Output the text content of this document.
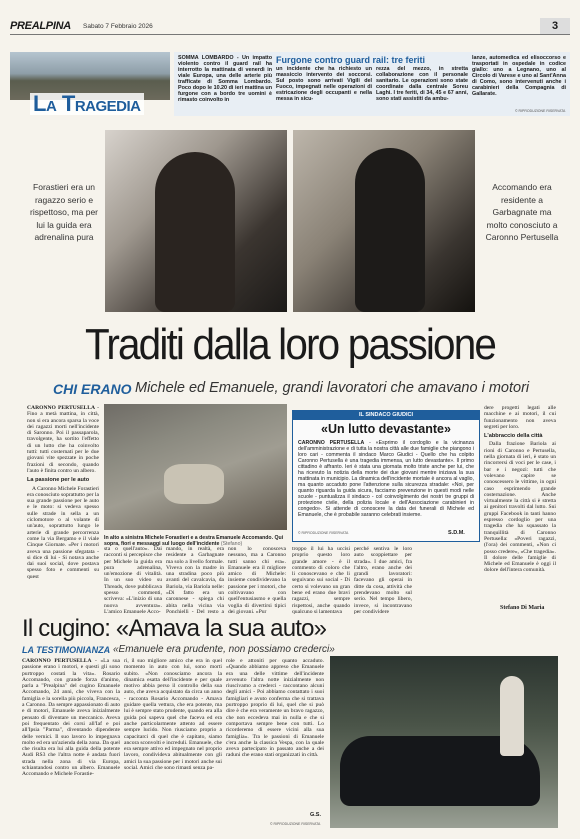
PREALPINA Sabato 7 Febbraio 2026	3
La Tragedia
Furgone contro guard rail: tre feriti
SOMMA LOMBARDO - Un impatto violento contro il guard rail ha interrotto la mattinata di venerdì in viale Europa, una delle arterie più trafficate di Somma Lombardo. Poco dopo le 10.20 di ieri mattina un furgone con a bordo tre uomini è rimasto coinvolto in
un incidente che ha richiesto un massiccio intervento dei soccorsi. Sul posto sono arrivati Vigili del Fuoco, impegnati nelle operazioni di estricazione degli occupanti e nella messa in sicu-
rezza del mezzo, in stretta collaborazione con il personale sanitario. Le operazioni sono state coordinate dalla centrale Soreu Laghi. I tre feriti, di 34, 45 e 67 anni, sono stati assistiti da ambu-
lanze, automedica ed elisoccorso e trasportati in ospedale in codice giallo: uno a Legnano, uno al Circolo di Varese e uno al Sant'Anna di Como, sono intervenuti anche i carabinieri della Compagnia di Gallarate.
© RIPRODUZIONE RISERVATA
Forastieri era un ragazzo serio e rispettoso, ma per lui la guida era adrenalina pura
Accomando era residente a Garbagnate ma molto conosciuto a Caronno Pertusella
Traditi dalla loro passione
CHI ERANO Michele ed Emanuele, grandi lavoratori che amavano i motori

CARONNO PERTUSELLA - Fino a metà mattina, in città, non si era ancora sparsa la voce dei ragazzi morti nell'incidente di Saronno. Poi il passaparola, travolgente, ha sortito l'effetto di un lutto che ha coinvolto tutti: tutti costernati per le due giovani vite spezzate in poche frazioni di secondo, quando l'auto è finita contro un albero.

La passione per le auto

A Caronno Michele Forastieri era conosciuto soprattutto per la sua grande passione per le auto e le moto: si vedeva spesso sulle strade in sella a un ciclomotore o al volante di un'auto, soprattutto lungo le arterie di grande percorrenza come la via Bergamo e il viale Cinque Giornate. «Per i motori aveva una passione sfegatata - si dice di lui - Si notava anche dai suoi social, dove postava spesso foto e commenti su quest

In alto a sinistra Michele Forastieri e a destra Emanuele Accomando. Qui sopra, fiori e messaggi sul luogo dell'incidente (Stefano)
IL SINDACO GIUDICI
«Un lutto devastante»
CARONNO PERTUSELLA - «Esprimo il cordoglio e la vicinanza dell'amministrazione e di tutta la nostra città alle due famiglie che piangono i loro cari - commenta il sindaco Marco Giudici - Quello che ha colpito Caronno Pertusella è una tragedia immensa, un lutto devastante». Il primo cittadino è affranto. Ieri è stata una giornata molto triste anche per lui, che ha ricevuto la notizia della morte dei due giovani mentre iniziava la sua mattinata in municipio. La dinamica dell'incidente mortale è ancora al vaglio, ma quanto accaduto pone l'attenzione sulla sicurezza stradale: «Noi, per quanto riguarda la guida sicura, facciamo prevenzione in questi modi nelle scuole - puntualizza il sindaco - col coinvolgimento dei nostri tre gruppi di protezione civile, della polizia locale e dell'Associazione carabinieri in congedo». Si attende di conoscere la data dei funerali di Michele ed Emanuele, che è probabile saranno celebrati insieme.
S.D.M.
© RIPRODUZIONE RISERVATA
sta o quell'auto». Dai racconti si percepisce che per Michele la guida era pura adrenalina, un'emozione di vitalità. In un suo video su Threads, dove pubblicava spesso commenti, scriveva: «L'inizio di una nuova avventura». L'amico Emanuele Acco-
mando, in realtà, era residente a Garbagnate ma solo a livello formale. Viveva con la madre in una stradina poco più avanti del cavalcavia, da Bariola, via Bariola nelle: «Di fatto era un caronnese - spiega chi abita nella vicina via Ponchielli - Del resto a
non lo conosceva nessuno, ma a Caronno tutti sanno chi era». Emanuele era il migliore amico di Michele: insieme condividevano la passione per i motori, che coltivavano con quell'entusiasmo e quella voglia di divertirsi tipici dei giovani. «Pur
troppo il lui ha uccisi proprio questo loro grande amore - è il commento di coloro che li conoscevano e che li seguivano sui social - Di certo si volevano un gran bene ed erano due bravi ragazzi, sempre rispettosi, anche quando qualcuno si lamentava
perché sentiva le loro auto scoppiettare per strada». I due amici, fra l'altro, erano anche dei grandi lavoratori: facevano gli operai in ditte da cosa, attività che prendevano molto sul serio. Nel tempo libero, invece, si incontravano per condividere

dere progetti legati alle macchine e ai motori, il cui funzionamento non aveva segreti per loro.

L'abbraccio della città

Dalla frazione Bariola ai rioni di Caronno e Pertusella, nella giornata di ieri, è stato un rincorrersi di voci per le case, i bar e i negozi: tutti che volevano capire se conoscessero le vittime, in ogni caso esprimendo grande costernazione. Anche virtualmente la città si è stretta ai genitori travolti dal lutto. Sui gruppi Facebook in tanti hanno espresso cordoglio per una tragedia che ha squassato la tranquillità di Caronno Pertusella: «Poveri ragazzi, (l'ora) dei commenti, «Non ci posso credere», «Che tragedia». Il dolore delle famiglie di Michele ed Emanuele è oggi il dolore dell'intera comunità.

Stefano Di Maria
Il cugino: «Amava la sua auto»
LA TESTIMONIANZA «Emanuele era prudente, non possiamo crederci»
CARONNO PERTUSELLA - «La sua passione erano i motori, e questi gli sono purtroppo costati la vita». Rosario Accomando, con grande forza d'animo, parla a "Prealpina" del cugino Emanuele Accomando, 24 anni, che viveva con la famiglia e la sorella più piccola, Francesca, a Caronno. Da sempre appassionato di auto e di motori, Emanuele aveva inizialmente pensato di diventare un meccanico. Aveva poi frequentato dei corsi all'Iaf e poi all'Ipsia "Parma", diventando dipendente delle vernici. Il suo lavoro lo impegnava molto ed era un'azienda della zona. Da quel che risulta era lui alla guida della potente Audi RS3 che l'altra notte è andata fuori strada nella zona di via Europa, schiantandosi contro un albero. Emanuele Accomando e Michele Forastie-
ri, il suo migliore amico che era in quel momento in auto con lui, sono morti subito. «Non conosciamo ancora la dinamica esatta dell'incidente e per quale motivo abbia perso il controllo della sua auto, che aveva acquistato da circa un anno - racconta Rosario Accomando - Amava guidare quella vettura, che era potente, ma lui è sempre stato prudente, quando era alla guida poi sapeva quel che faceva ed era anche particolarmente attento ad essere sempre lucido. Non riusciamo proprio a capacitarci di quel che è capitato, siamo ancora sconvolti e increduli. Emanuele, che era sempre attivo ed impegnato nel proprio lavoro, condivideva abitualmente con gli amici la sua passione per i motori anche sui social. Amici che sono rimasti senza pa-
role e attoniti per quanto accaduto. «Quando abbiamo appreso che Emanuele era una delle vittime dell'incidente avvenuto l'altra notte inizialmente non riuscivamo a crederci - raccontano alcuni degli amici - Poi abbiamo contattato i suoi famigliari e avuto conferma che si trattava purtroppo proprio di lui, quel che si può dire è che era veramente un bravo ragazzo, che non eccedeva mai in nulla e che si comportava sempre bene con tutti. Lo ricorderemo di essere vicini alla sua famiglia». Tra le passioni di Emanuele c'era anche la classica Vespa, con la quale aveva partecipato in passato anche a dei raduni che erano stati organizzati in città.
G.S.
© RIPRODUZIONE RISERVATA
